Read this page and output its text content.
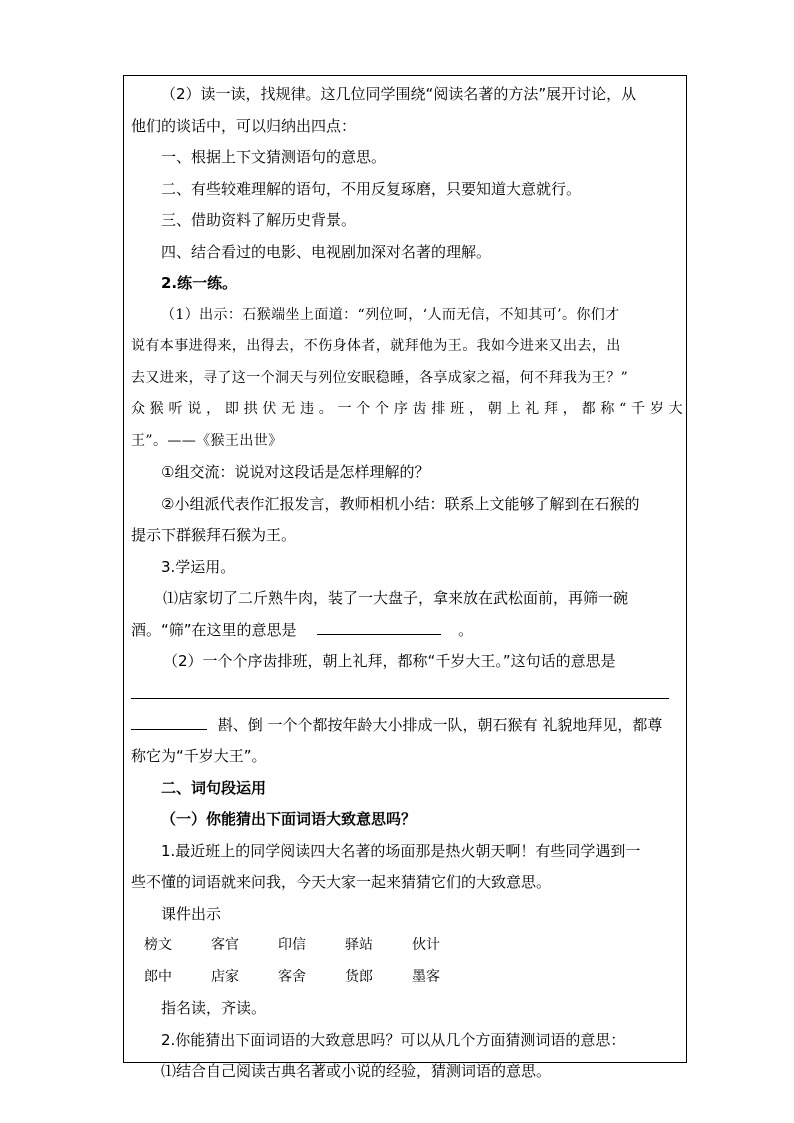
（2）读一读，找规律。这几位同学围绕“阅读名著的方法”展开讨论，从

他们的谈话中，可以归纳出四点：

一、根据上下文猜测语句的意思。

二、有些较难理解的语句，不用反复琢磨，只要知道大意就行。

三、借助资料了解历史背景。

四、结合看过的电影、电视剧加深对名著的理解。

2.练一练。

（1）出示：石猴端坐上面道：“列位呵，‘人而无信，不知其可’。你们才

说有本事进得来，出得去，不伤身体者，就拜他为王。我如今进来又出去，出

去又进来，寻了这一个洞天与列位安眠稳睡，各享成家之福，何不拜我为王？”

众猴听说，即拱伏无违。一个个序齿排班，朝上礼拜，都称“千岁大

王”。——《猴王出世》

①组交流：说说对这段话是怎样理解的？

②小组派代表作汇报发言，教师相机小结：联系上文能够了解到在石猴的

提示下群猴拜石猴为王。

3.学运用。

⑴店家切了二斤熟牛肉，装了一大盘子，拿来放在武松面前，再筛一碗

酒。“筛”在这里的意思是	。

（2）一个个序齿排班，朝上礼拜，都称“千岁大王。”这句话的意思是

斟、倒 一个个都按年龄大小排成一队，朝石猴有 礼貌地拜见，都尊

称它为“千岁大王”。

二、词句段运用

（一）你能猜出下面词语大致意思吗？

1.最近班上的同学阅读四大名著的场面那是热火朝天啊！有些同学遇到一

些不懂的词语就来问我，今天大家一起来猜猜它们的大致意思。

课件出示

榜文	客官	印信	驿站	伙计
郎中	店家	客舍	货郎	墨客

指名读，齐读。

2.你能猜出下面词语的大致意思吗？可以从几个方面猜测词语的意思：

⑴结合自己阅读古典名著或小说的经验，猜测词语的意思。
